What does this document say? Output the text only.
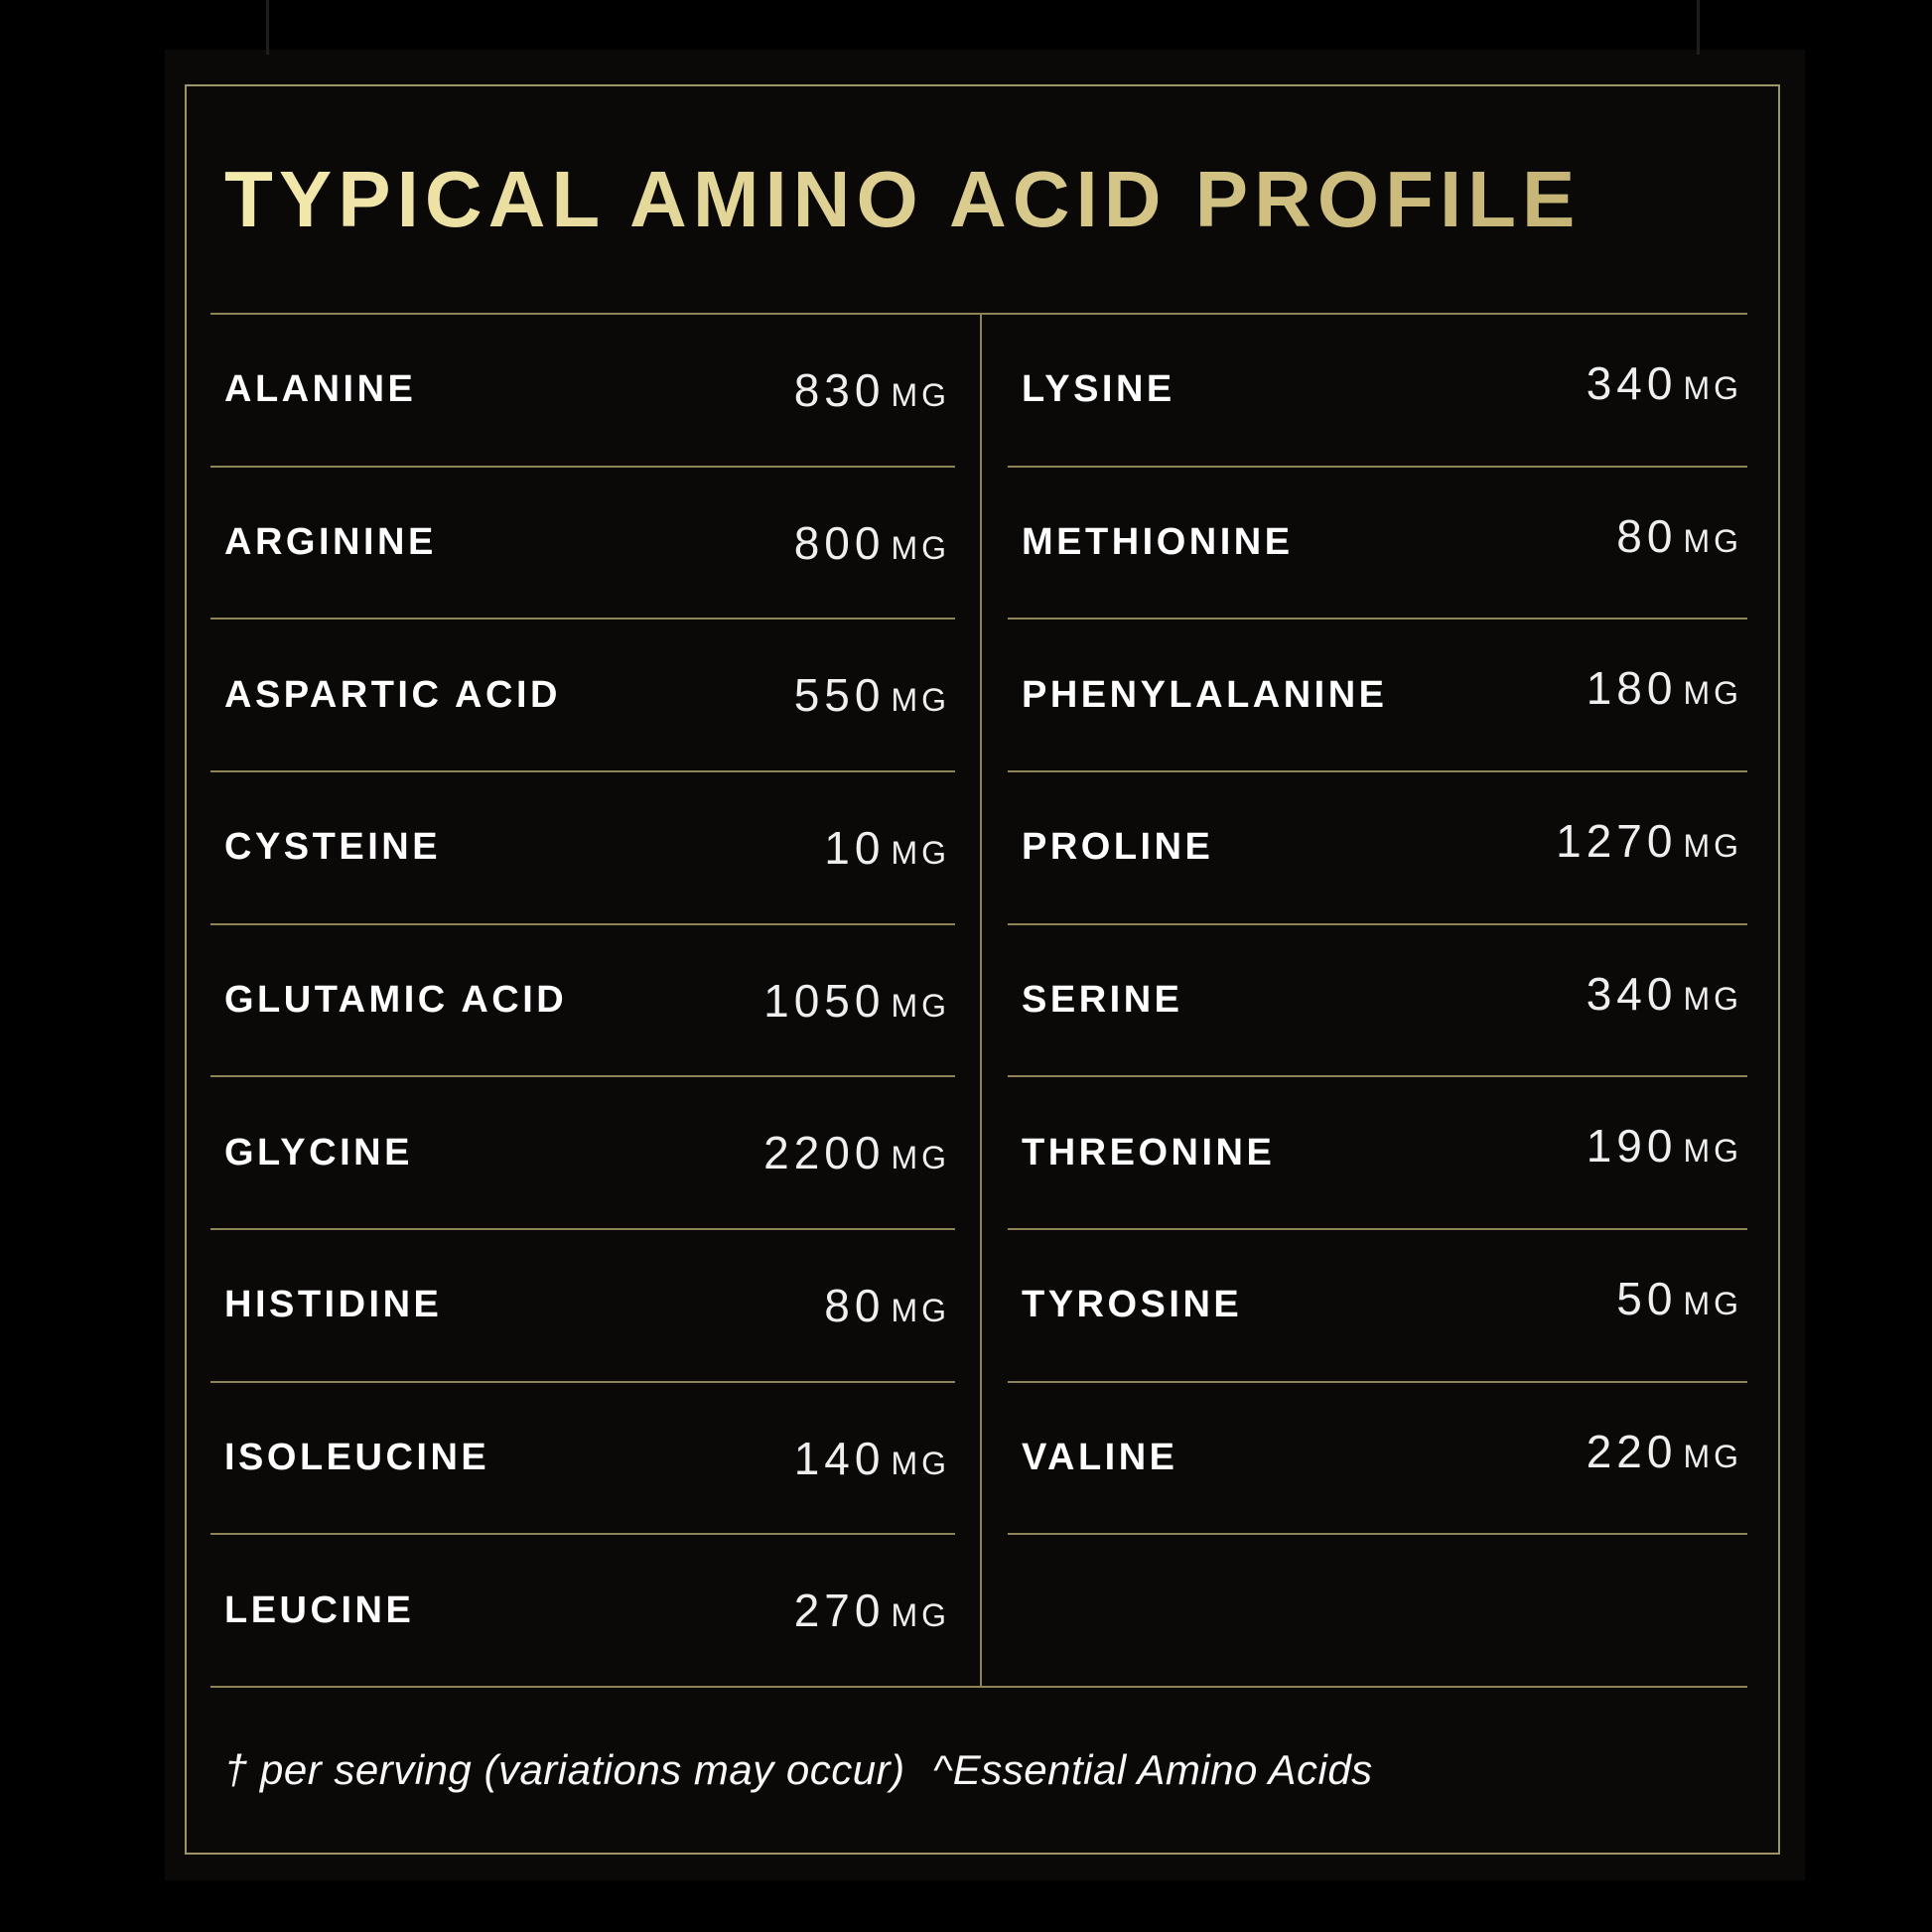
TYPICAL AMINO ACID PROFILE†
ALANINE	830 MG
ARGININE	800 MG
ASPARTIC ACID	550 MG
CYSTEINE	10 MG
GLUTAMIC ACID	1050 MG
GLYCINE	2200 MG
HISTIDINE	80 MG
ISOLEUCINE	140 MG
LEUCINE	270 MG
LYSINE	340 MG
METHIONINE	80 MG
PHENYLALANINE	180 MG
PROLINE	1270 MG
SERINE	340 MG
THREONINE	190 MG
TYROSINE	50 MG
VALINE	220 MG
† per serving (variations may occur) ^Essential Amino Acids
